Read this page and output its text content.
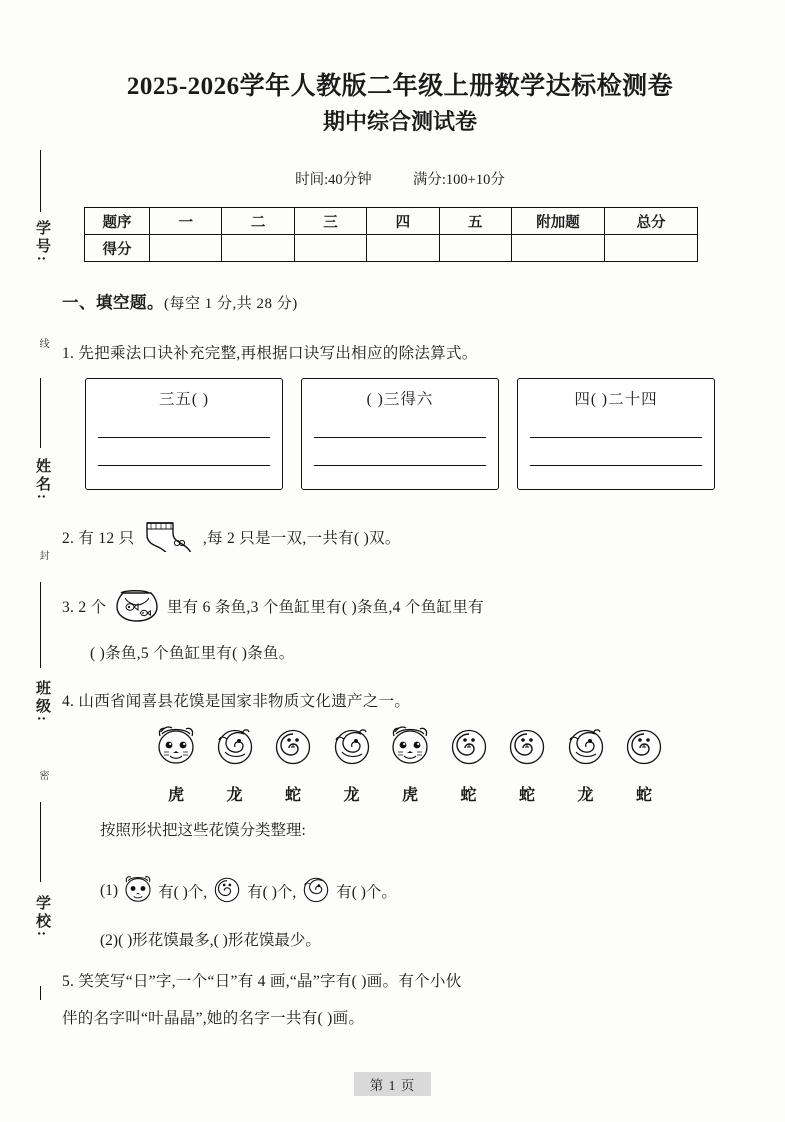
学号:
线
姓名:
封
班级:
密
学校:
2025-2026学年人教版二年级上册数学达标检测卷
期中综合测试卷
时间:40分钟	满分:100+10分
题序	一	二	三	四	五	附加题	总分
得分							
一、填空题。(每空 1 分,共 28 分)
1. 先把乘法口诀补充完整,再根据口诀写出相应的除法算式。
三五( )	( )三得六	四( )二十四
2. 有 12 只	,每 2 只是一双,一共有( )双。
3. 2 个	里有 6 条鱼,3 个鱼缸里有( )条鱼,4 个鱼缸里有
( )条鱼,5 个鱼缸里有( )条鱼。
4. 山西省闻喜县花馍是国家非物质文化遗产之一。
虎	龙	蛇	龙	虎	蛇	蛇	龙	蛇
按照形状把这些花馍分类整理:
(1)	有( )个,	有( )个,	有( )个。
(2)( )形花馍最多,( )形花馍最少。
5. 笑笑写“日”字,一个“日”有 4 画,“晶”字有( )画。有个小伙
伴的名字叫“叶晶晶”,她的名字一共有( )画。
第 1 页
